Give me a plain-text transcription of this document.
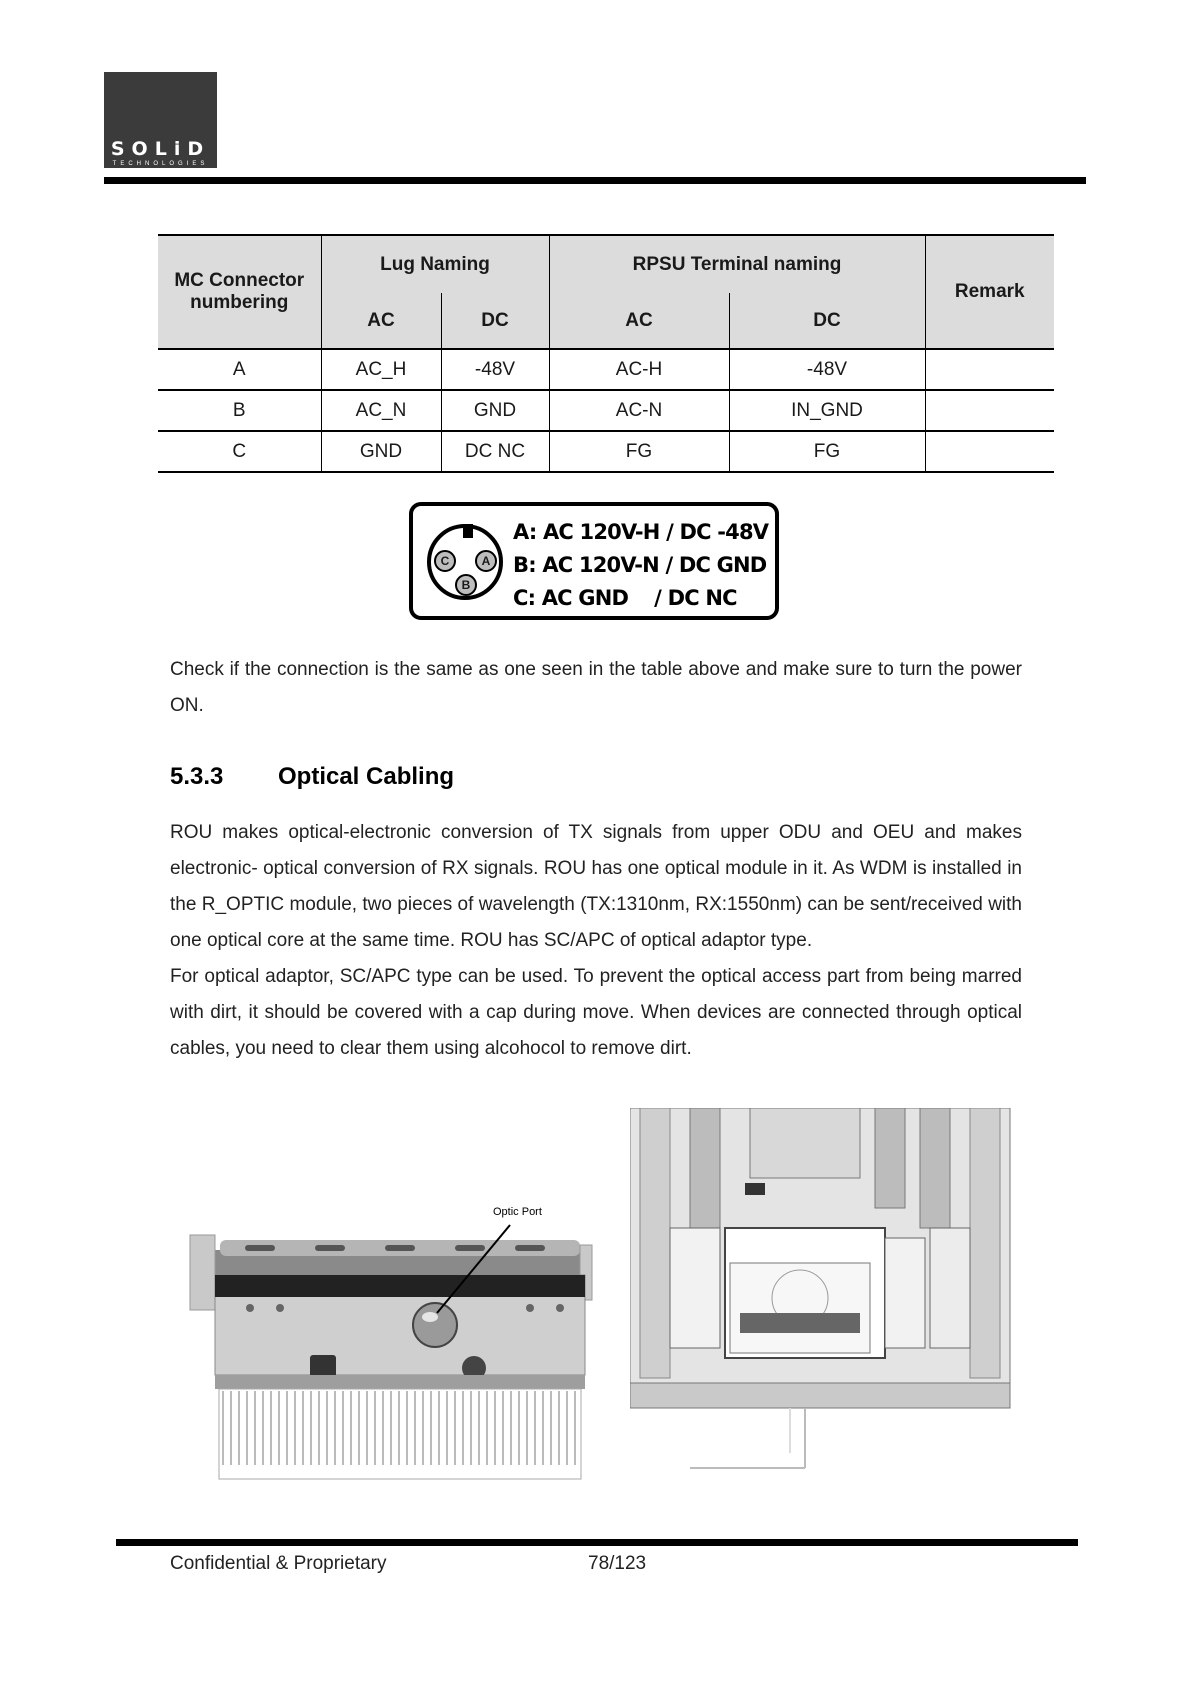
SOLiD
TECHNOLOGIES
MC Connector numbering	Lug Naming		RPSU Terminal naming		Remark
	AC	DC	AC	DC	
A	AC_H	-48V	AC-H	-48V	
B	AC_N	GND	AC-N	IN_GND	
C	GND	DC NC	FG	FG	
C	A
B
A: AC 120V-H / DC -48V
B: AC 120V-N / DC GND
C: AC GND    / DC NC
Check if the connection is the same as one seen in the table above and make sure to turn the power ON.
5.3.3 Optical Cabling
ROU makes optical-electronic conversion of TX signals from upper ODU and OEU and makes electronic- optical conversion of RX signals. ROU has one optical module in it. As WDM is installed in the R_OPTIC module, two pieces of wavelength (TX:1310nm, RX:1550nm) can be sent/received with one optical core at the same time. ROU has SC/APC of optical adaptor type.
For optical adaptor, SC/APC type can be used. To prevent the optical access part from being marred with dirt, it should be covered with a cap during move. When devices are connected through optical cables, you need to clear them using alcohocol to remove dirt.
Optic Port
Confidential & Proprietary	78/123
